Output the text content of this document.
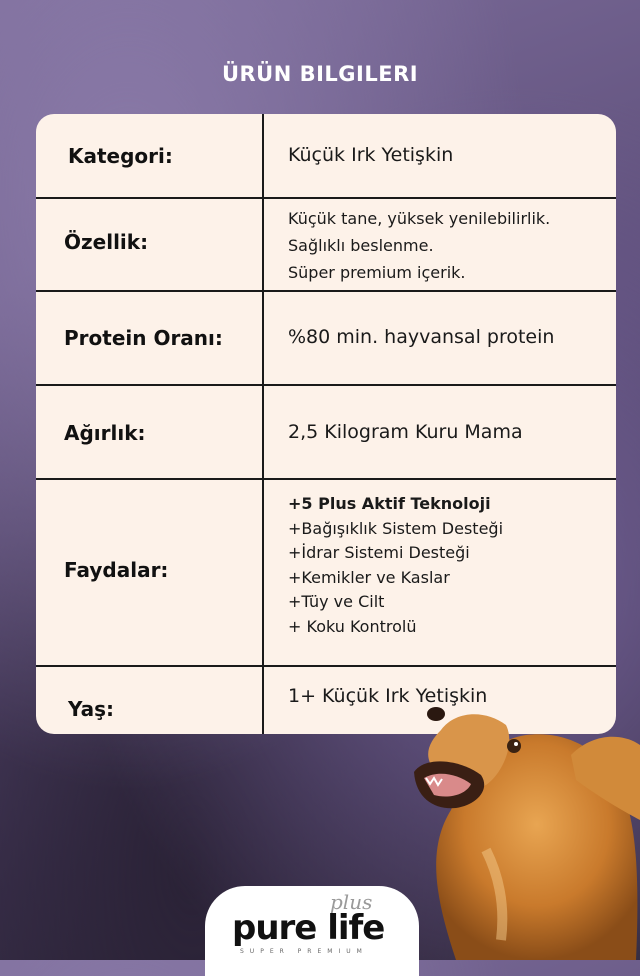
ÜRÜN BILGILERI
Kategori:	Küçük Irk Yetişkin
Özellik:
Küçük tane, yüksek yenilebilirlik.
Sağlıklı beslenme.
Süper premium içerik.
Protein Oranı:	%80 min. hayvansal protein
Ağırlık:	2,5 Kilogram Kuru Mama
Faydalar:
+5 Plus Aktif Teknoloji
+Bağışıklık Sistem Desteği
+İdrar Sistemi Desteği
+Kemikler ve Kaslar
+Tüy ve Cilt
+ Koku Kontrolü
Yaş:
1+ Küçük Irk Yetişkin
pure life
plus
SUPER PREMIUM
